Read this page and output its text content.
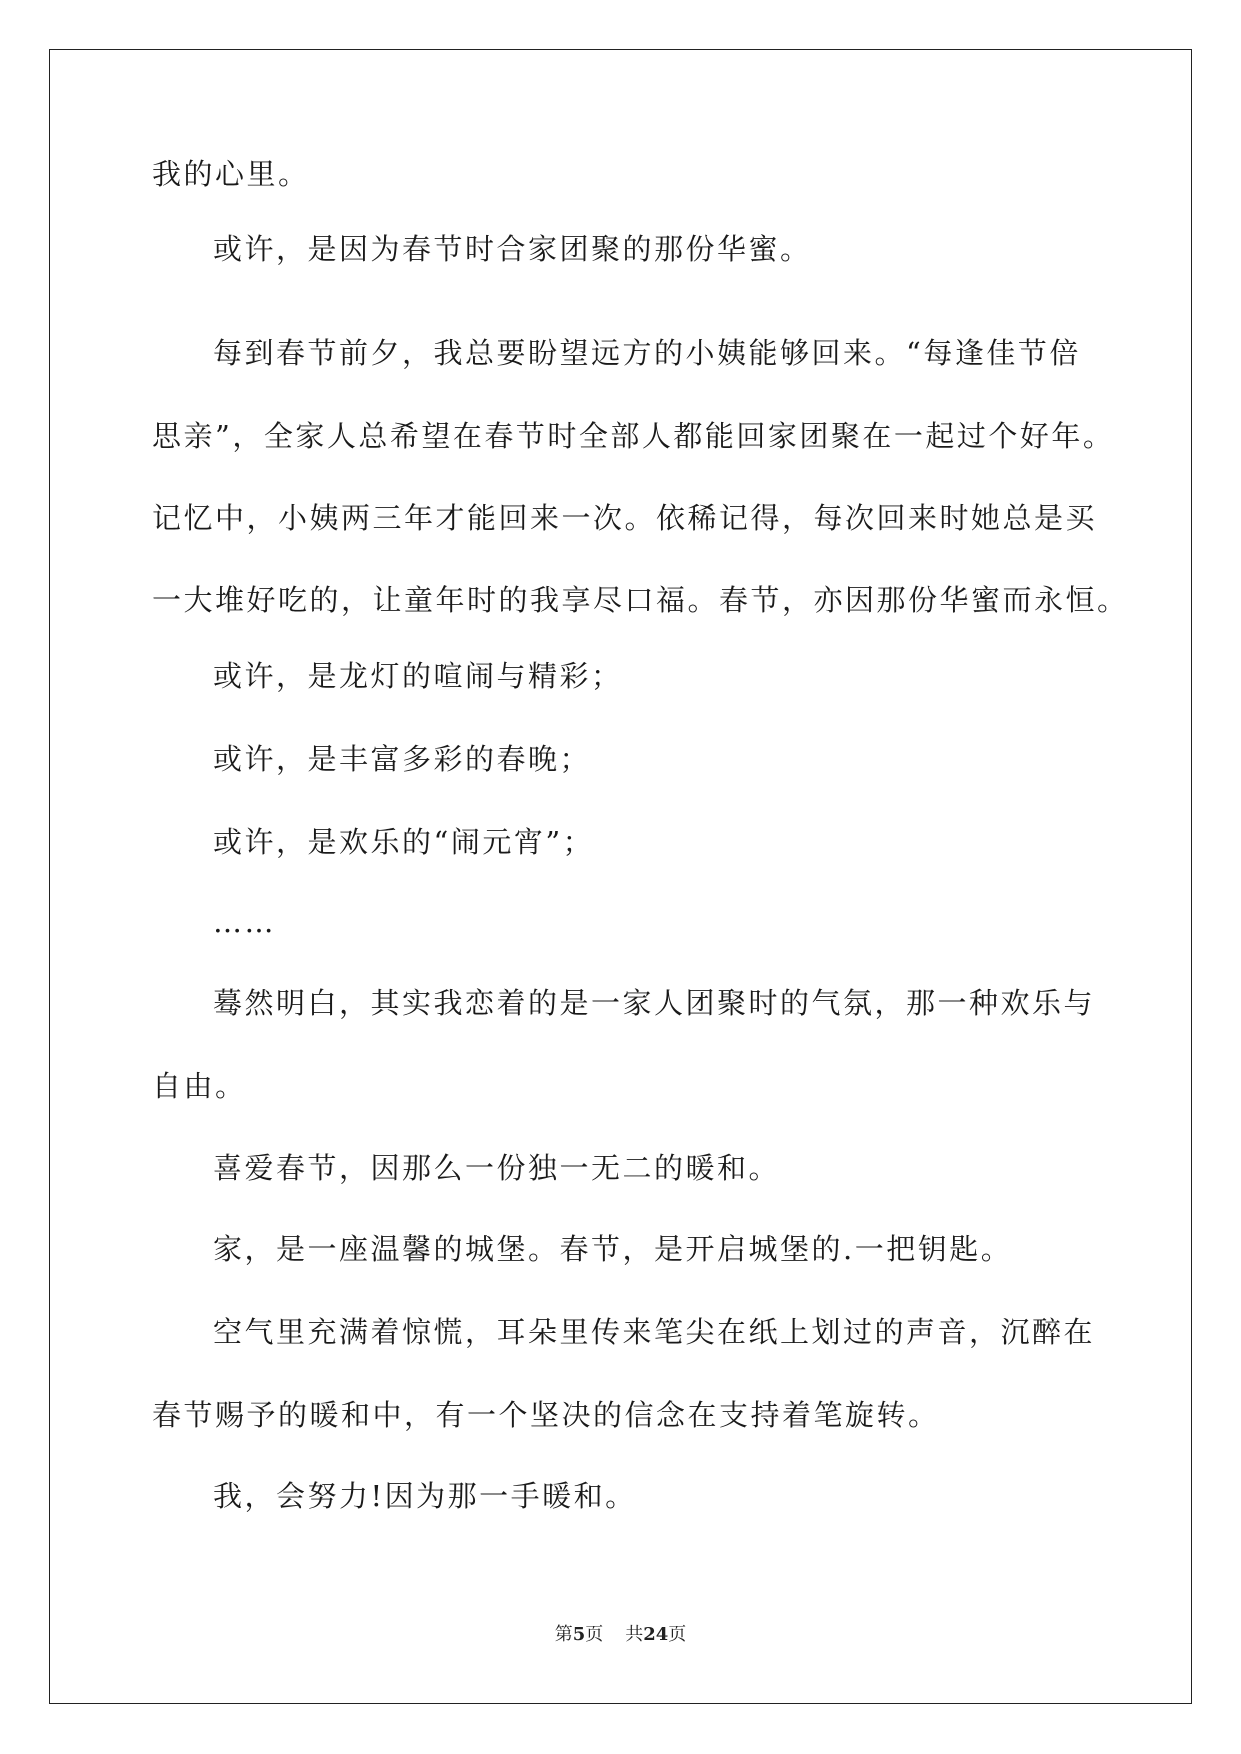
我的心里。
或许，是因为春节时合家团聚的那份华蜜。
每到春节前夕，我总要盼望远方的小姨能够回来。“每逢佳节倍
思亲”，全家人总希望在春节时全部人都能回家团聚在一起过个好年。
记忆中，小姨两三年才能回来一次。依稀记得，每次回来时她总是买
一大堆好吃的，让童年时的我享尽口福。春节，亦因那份华蜜而永恒。
或许，是龙灯的喧闹与精彩；
或许，是丰富多彩的春晚；
或许，是欢乐的“闹元宵”；
……
蓦然明白，其实我恋着的是一家人团聚时的气氛，那一种欢乐与
自由。
喜爱春节，因那么一份独一无二的暖和。
家，是一座温馨的城堡。春节，是开启城堡的.一把钥匙。
空气里充满着惊慌，耳朵里传来笔尖在纸上划过的声音，沉醉在
春节赐予的暖和中，有一个坚决的信念在支持着笔旋转。
我，会努力!因为那一手暖和。
第5页 共24页
